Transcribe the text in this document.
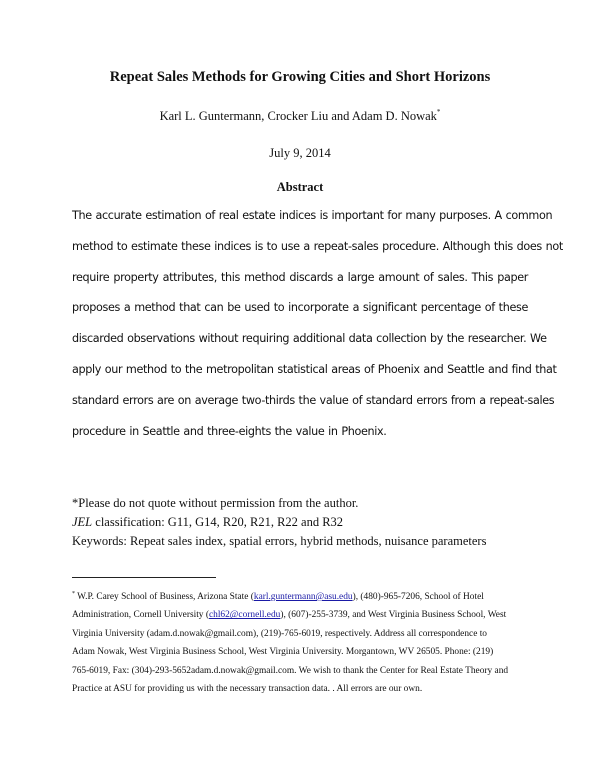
Repeat Sales Methods for Growing Cities and Short Horizons
Karl L. Guntermann, Crocker Liu and Adam D. Nowak*
July 9, 2014
Abstract
The accurate estimation of real estate indices is important for many purposes. A common
method to estimate these indices is to use a repeat-sales procedure. Although this does not
require property attributes, this method discards a large amount of sales. This paper
proposes a method that can be used to incorporate a significant percentage of these
discarded observations without requiring additional data collection by the researcher. We
apply our method to the metropolitan statistical areas of Phoenix and Seattle and find that
standard errors are on average two-thirds the value of standard errors from a repeat-sales
procedure in Seattle and three-eights the value in Phoenix.
*Please do not quote without permission from the author.
JEL classification: G11, G14, R20, R21, R22 and R32
Keywords: Repeat sales index, spatial errors, hybrid methods, nuisance parameters
* W.P. Carey School of Business, Arizona State (karl.guntermann@asu.edu), (480)-965-7206, School of Hotel
Administration, Cornell University (chl62@cornell.edu), (607)-255-3739, and West Virginia Business School, West
Virginia University (adam.d.nowak@gmail.com), (219)-765-6019, respectively. Address all correspondence to
Adam Nowak, West Virginia Business School, West Virginia University. Morgantown, WV 26505. Phone: (219)
765-6019, Fax: (304)-293-5652adam.d.nowak@gmail.com. We wish to thank the Center for Real Estate Theory and
Practice at ASU for providing us with the necessary transaction data. . All errors are our own.
